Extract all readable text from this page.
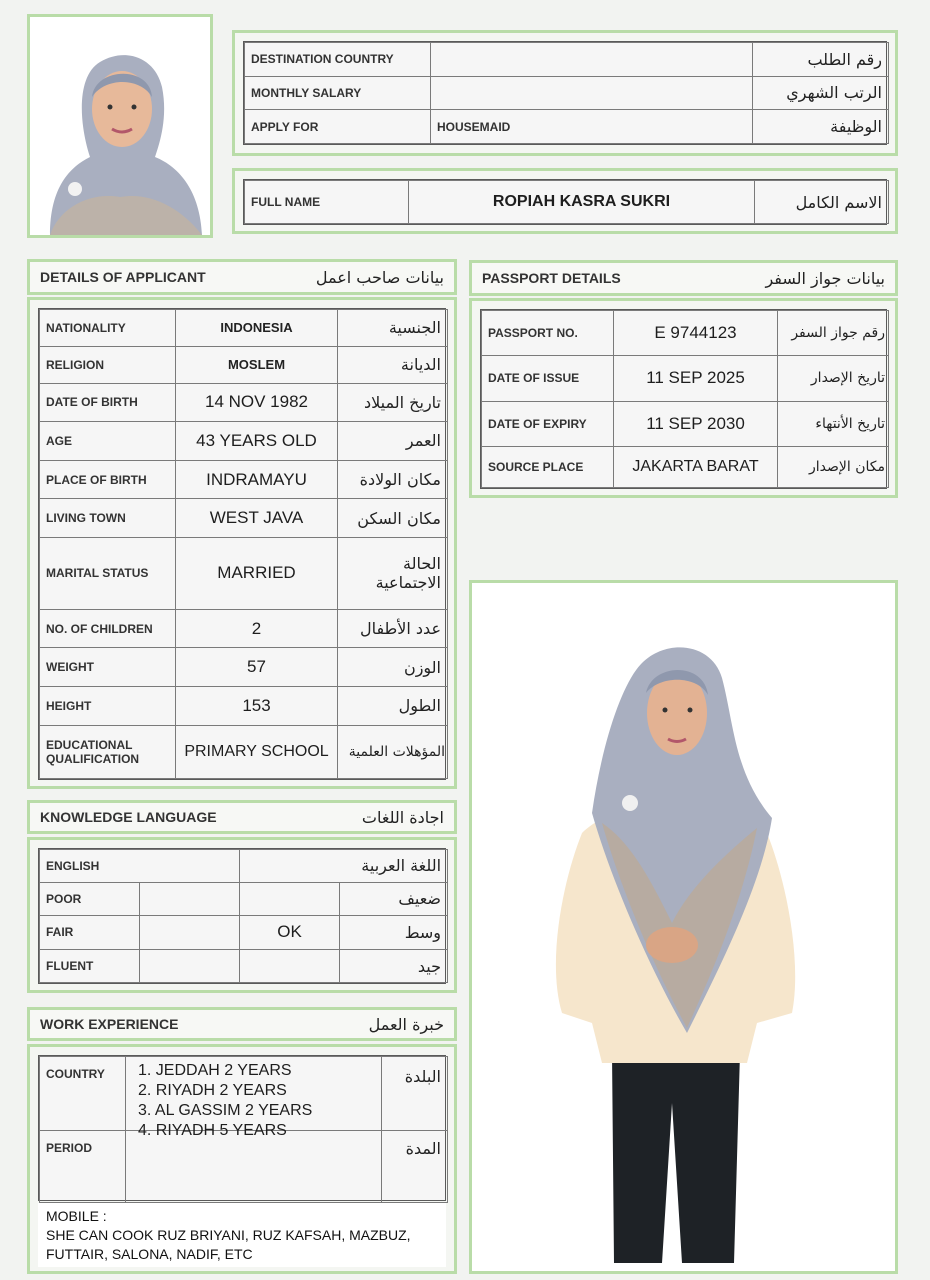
DESTINATION COUNTRY		رقم الطلب
MONTHLY SALARY		الرتب الشهري
APPLY FOR	HOUSEMAID	الوظيفة
FULL NAME	ROPIAH KASRA SUKRI	الاسم الكامل
DETAILS OF APPLICANT	بيانات صاحب اعمل
NATIONALITY	INDONESIA	الجنسية
RELIGION	MOSLEM	الديانة
DATE OF BIRTH	14 NOV 1982	تاريخ الميلاد
AGE	43 YEARS OLD	العمر
PLACE OF BIRTH	INDRAMAYU	مكان الولادة
LIVING TOWN	WEST JAVA	مكان السكن
MARITAL STATUS	MARRIED	الحالة الاجتماعية
NO. OF CHILDREN	2	عدد الأطفال
WEIGHT	57	الوزن
HEIGHT	153	الطول
EDUCATIONAL QUALIFICATION	PRIMARY SCHOOL	المؤهلات العلمية
PASSPORT DETAILS	بيانات جواز السفر
PASSPORT NO.	E 9744123	رقم جواز السفر
DATE OF ISSUE	11 SEP 2025	تاريخ الإصدار
DATE OF EXPIRY	11 SEP 2030	تاريخ الأنتهاء
SOURCE PLACE	JAKARTA BARAT	مكان الإصدار
KNOWLEDGE LANGUAGE	اجادة اللغات
ENGLISH		اللغة العربية	
POOR			ضعيف
FAIR		OK	وسط
FLUENT			جيد
WORK EXPERIENCE	خبرة العمل
COUNTRY	1. JEDDAH 2 YEARS
2. RIYADH 2 YEARS
3. AL GASSIM 2 YEARS
4. RIYADH 5 YEARS	البلدة
PERIOD		المدة
MOBILE :
SHE CAN COOK RUZ BRIYANI, RUZ KAFSAH, MAZBUZ, FUTTAIR, SALONA, NADIF, ETC
